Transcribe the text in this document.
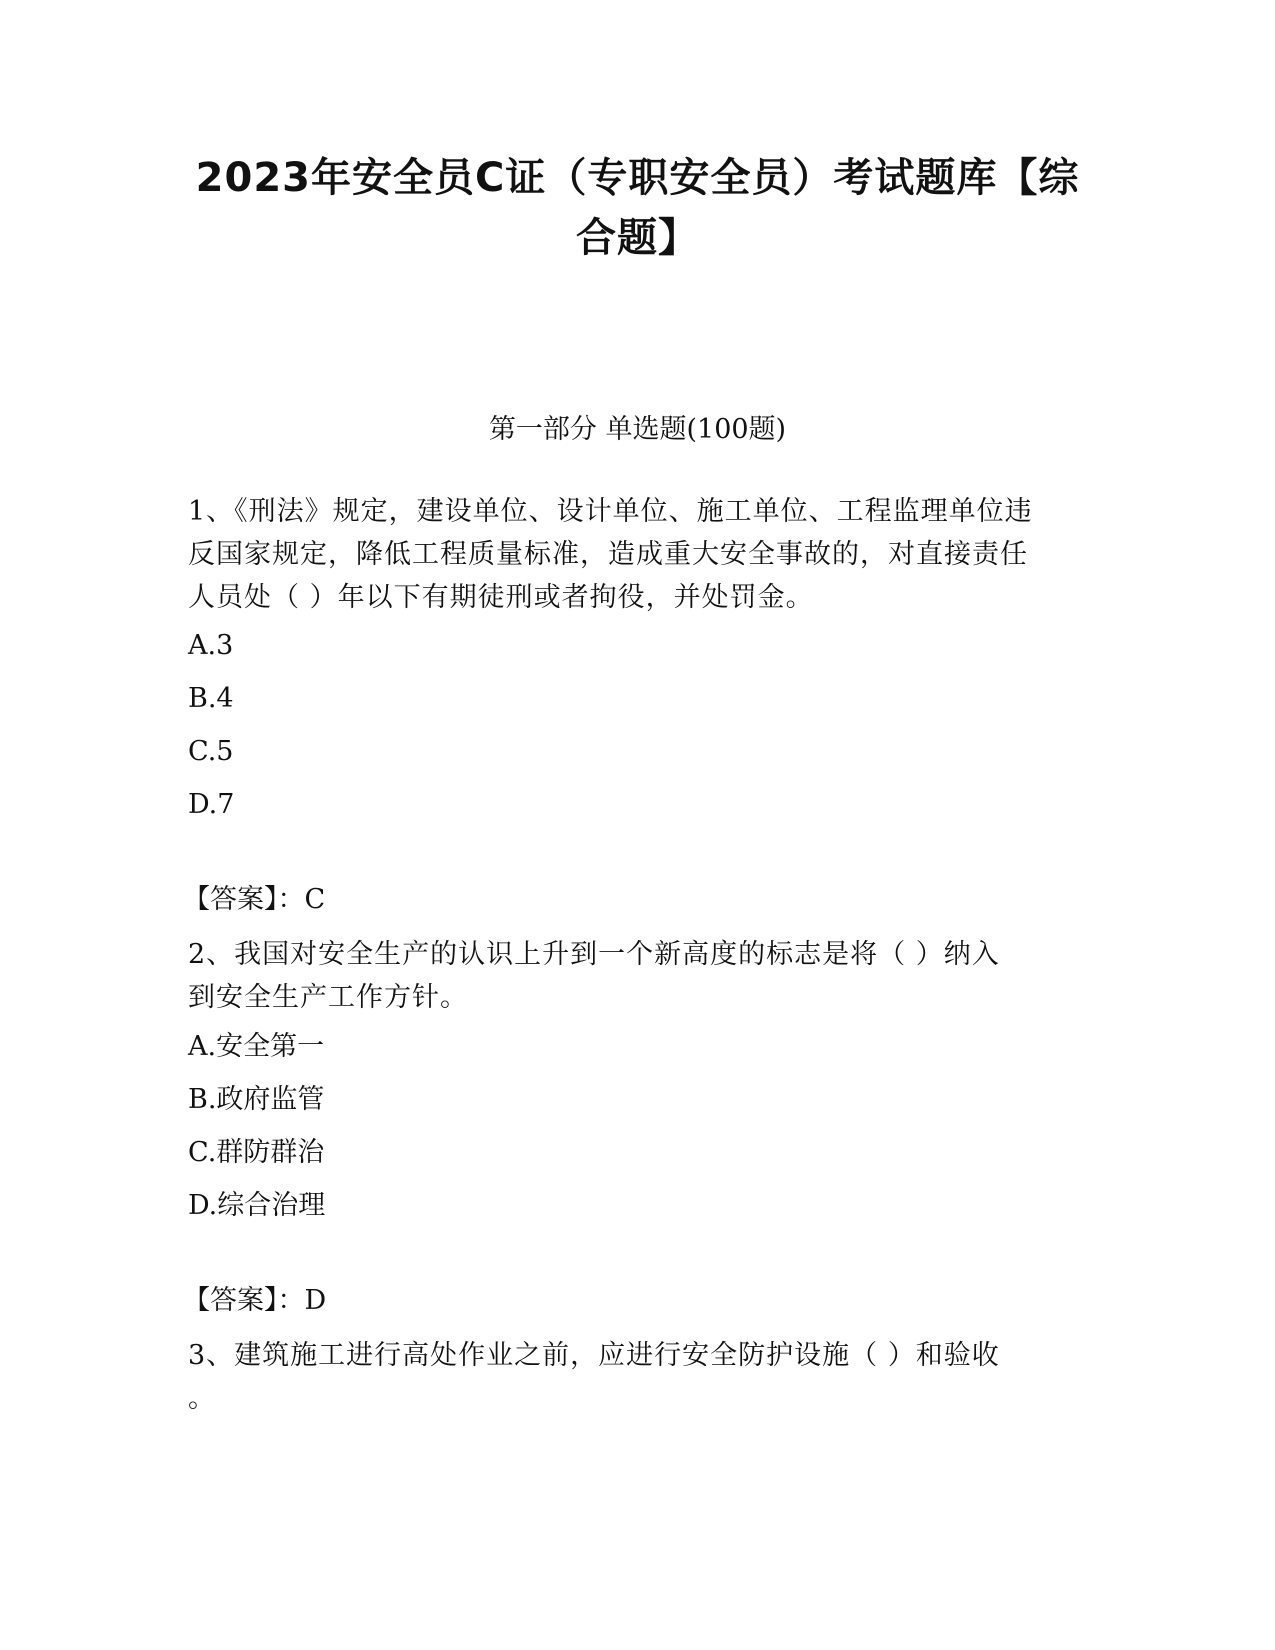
2023年安全员C证（专职安全员）考试题库【综
合题】
第一部分 单选题(100题)
1、《刑法》规定，建设单位、设计单位、施工单位、工程监理单位违
反国家规定，降低工程质量标准，造成重大安全事故的，对直接责任
人员处（ ）年以下有期徒刑或者拘役，并处罚金。
A.3
B.4
C.5
D.7
【答案】：C
2、我国对安全生产的认识上升到一个新高度的标志是将（ ）纳入
到安全生产工作方针。
A.安全第一
B.政府监管
C.群防群治
D.综合治理
【答案】：D
3、建筑施工进行高处作业之前，应进行安全防护设施（ ）和验收
。
